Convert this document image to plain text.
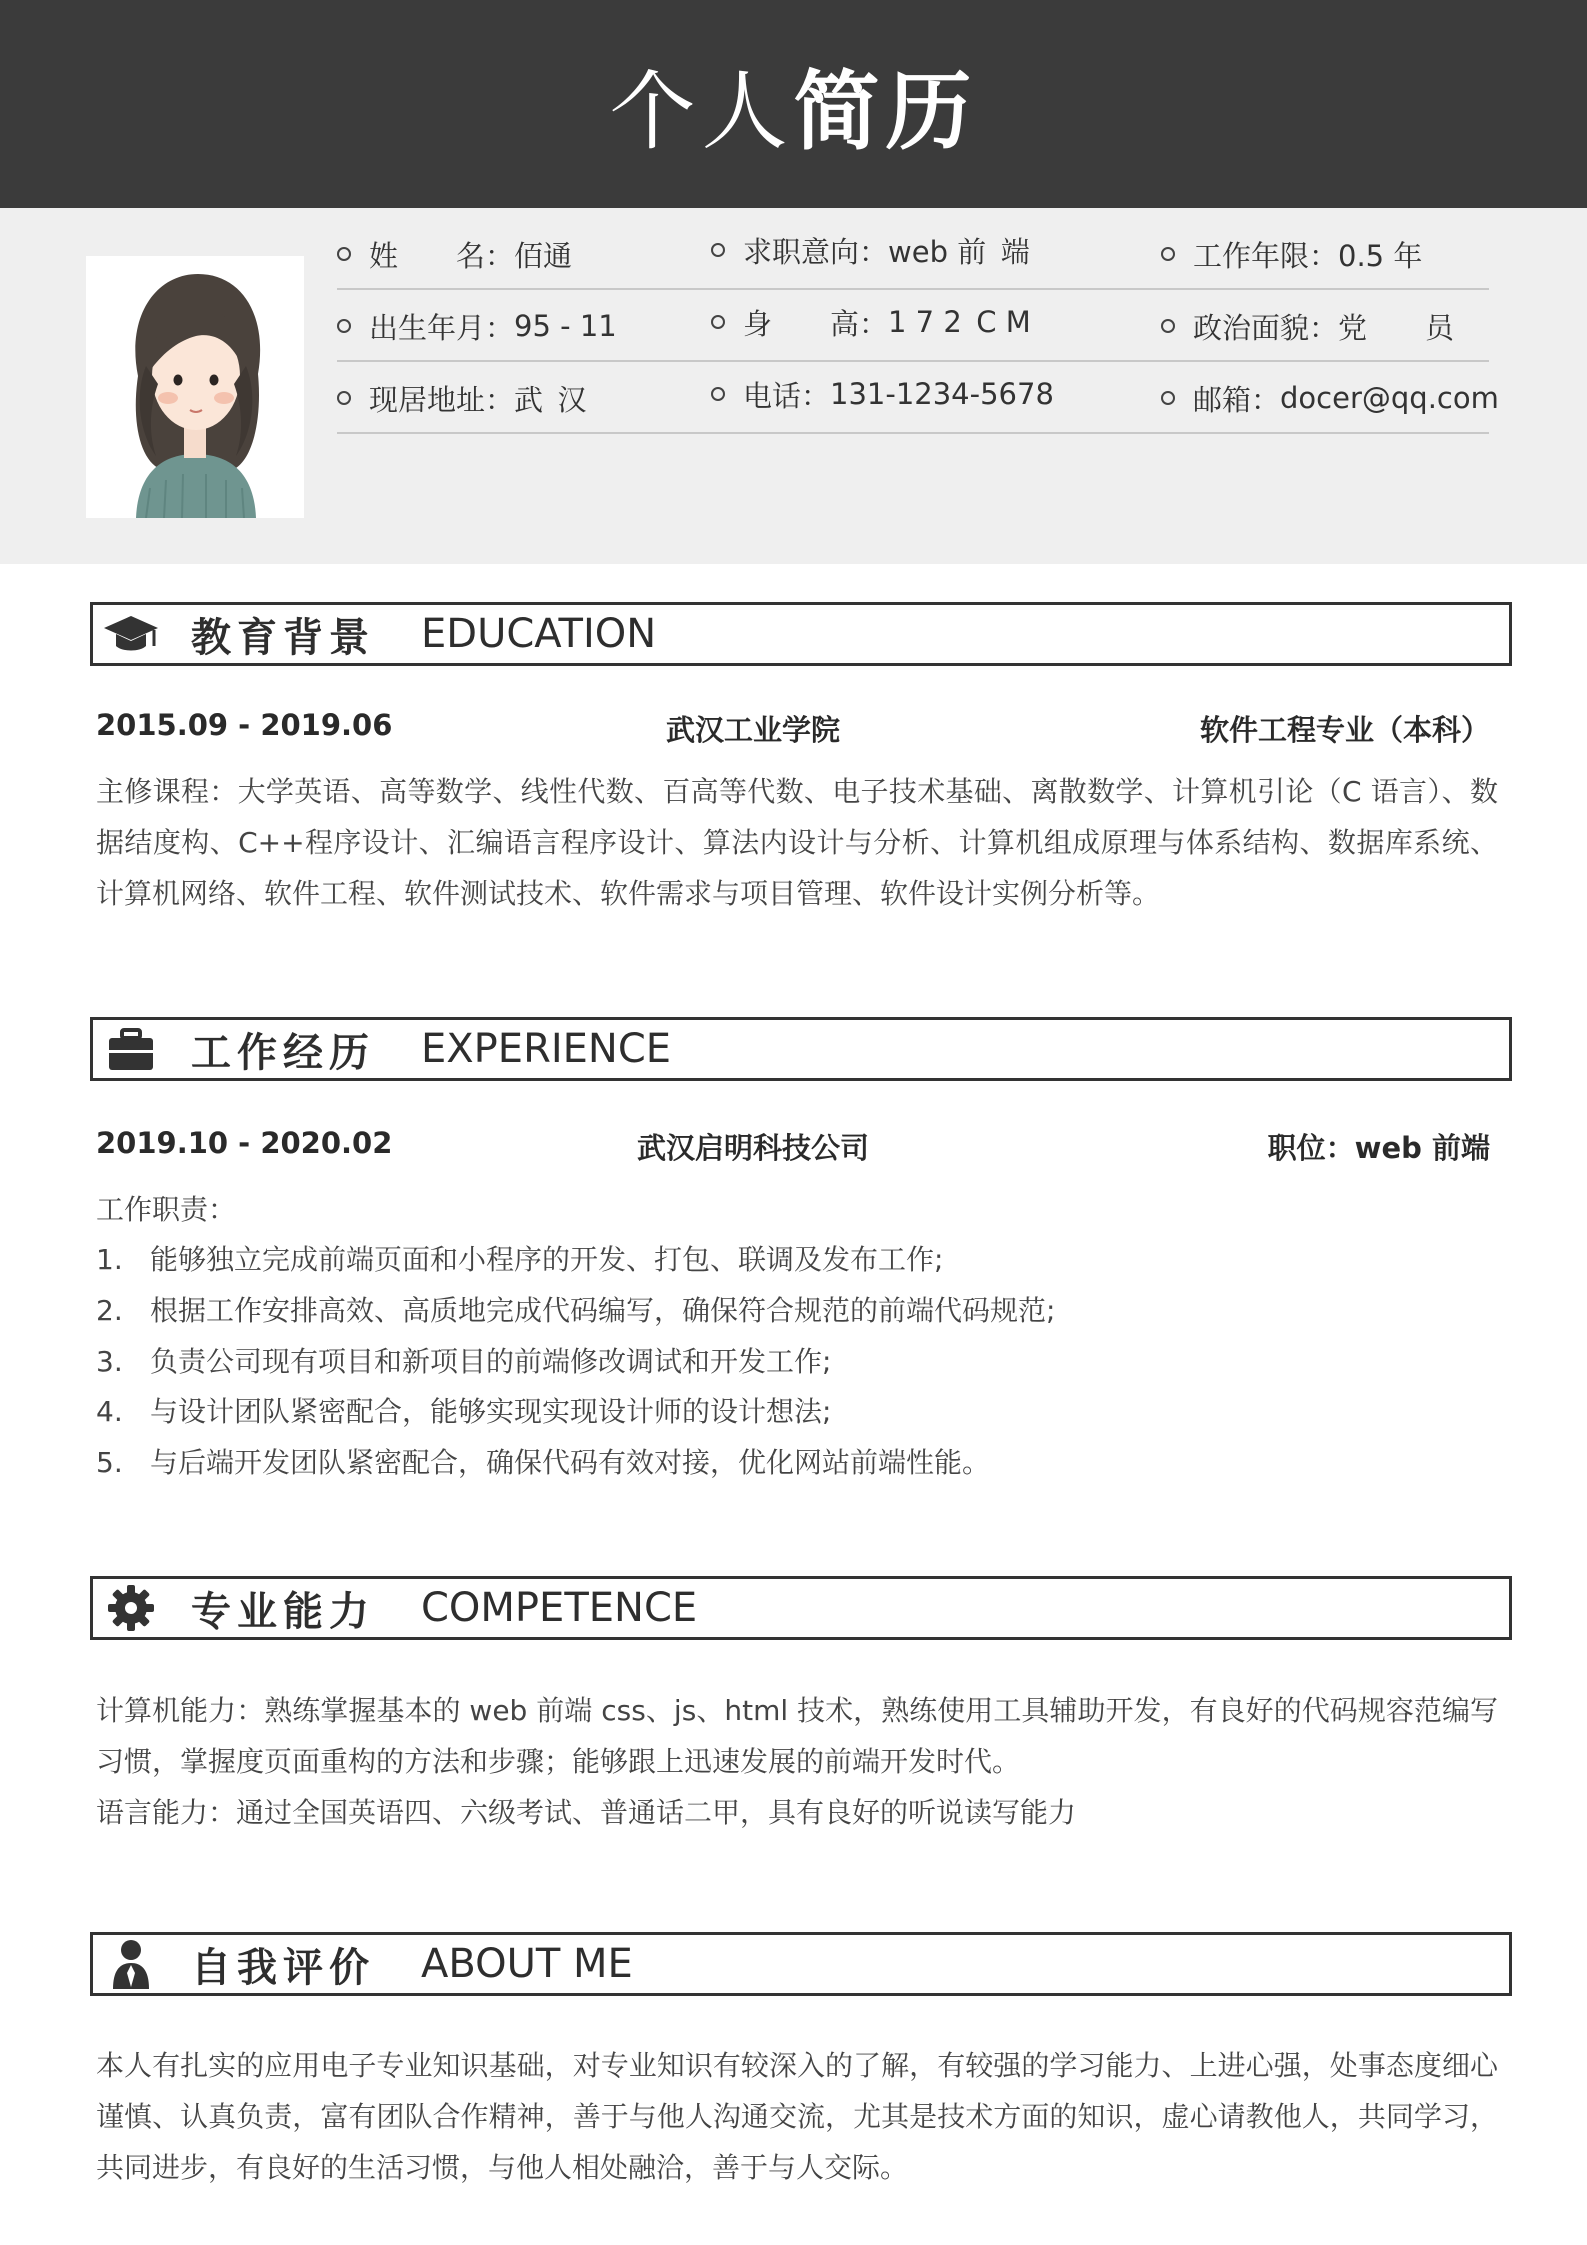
个人 简历
姓　　名： 佰通	求职意向： web 前 端	工作年限： 0.5 年
出生年月： 95 - 11	身　　高： 1 7 2 C M	政治面貌： 党　　员
现居地址： 武 汉	电话： 131-1234-5678	邮箱： docer@qq.com
教育背景 EDUCATION
2015.09 - 2019.06	武汉工业学院	软件工程专业（本科）
主修课程：大学英语、高等数学、线性代数、百高等代数、电子技术基础、离散数学、计算机引论（C 语言）、数据结度构、C++程序设计、汇编语言程序设计、算法内设计与分析、计算机组成原理与体系结构、数据库系统、计算机网络、软件工程、软件测试技术、软件需求与项目管理、软件设计实例分析等。
工作经历 EXPERIENCE
2019.10 - 2020.02	武汉启明科技公司	职位：web 前端
工作职责：
1. 能够独立完成前端页面和小程序的开发、打包、联调及发布工作;
2. 根据工作安排高效、高质地完成代码编写，确保符合规范的前端代码规范;
3. 负责公司现有项目和新项目的前端修改调试和开发工作;
4. 与设计团队紧密配合，能够实现实现设计师的设计想法;
5. 与后端开发团队紧密配合，确保代码有效对接，优化网站前端性能。
专业能力 COMPETENCE
计算机能力：熟练掌握基本的 web 前端 css、js、html 技术，熟练使用工具辅助开发，有良好的代码规容范编写习惯，掌握度页面重构的方法和步骤；能够跟上迅速发展的前端开发时代。
语言能力：通过全国英语四、六级考试、普通话二甲，具有良好的听说读写能力
自我评价 ABOUT ME
本人有扎实的应用电子专业知识基础，对专业知识有较深入的了解，有较强的学习能力、上进心强，处事态度细心谨慎、认真负责，富有团队合作精神，善于与他人沟通交流，尤其是技术方面的知识，虚心请教他人，共同学习，共同进步，有良好的生活习惯，与他人相处融洽，善于与人交际。
